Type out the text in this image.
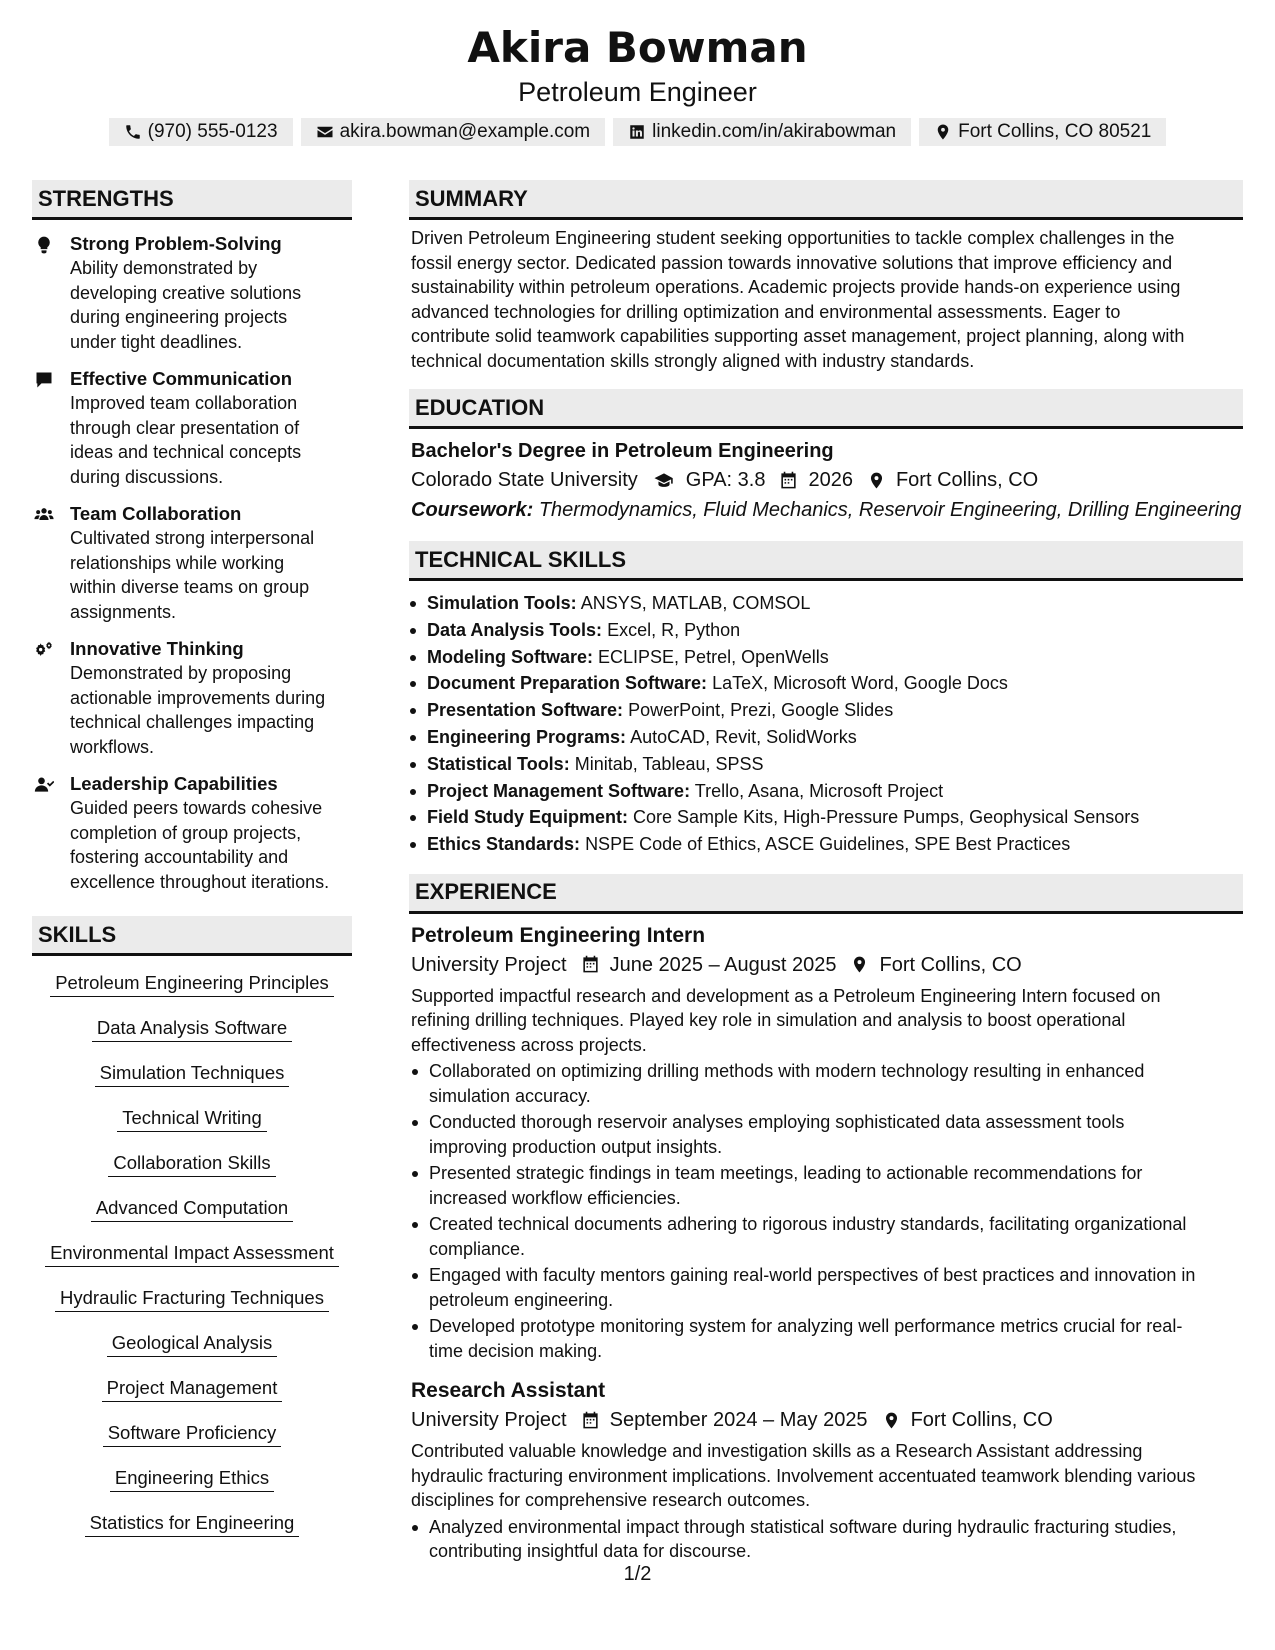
Akira Bowman
Petroleum Engineer
(970) 555-0123	akira.bowman@example.com	linkedin.com/in/akirabowman	Fort Collins, CO 80521
STRENGTHS
Strong Problem-Solving
Ability demonstrated by
developing creative solutions
during engineering projects
under tight deadlines.
Effective Communication
Improved team collaboration
through clear presentation of
ideas and technical concepts
during discussions.
Team Collaboration
Cultivated strong interpersonal
relationships while working
within diverse teams on group
assignments.
Innovative Thinking
Demonstrated by proposing
actionable improvements during
technical challenges impacting
workflows.
Leadership Capabilities
Guided peers towards cohesive
completion of group projects,
fostering accountability and
excellence throughout iterations.
SKILLS
Petroleum Engineering Principles
Data Analysis Software
Simulation Techniques
Technical Writing
Collaboration Skills
Advanced Computation
Environmental Impact Assessment
Hydraulic Fracturing Techniques
Geological Analysis
Project Management
Software Proficiency
Engineering Ethics
Statistics for Engineering
SUMMARY
Driven Petroleum Engineering student seeking opportunities to tackle complex challenges in the
fossil energy sector. Dedicated passion towards innovative solutions that improve efficiency and
sustainability within petroleum operations. Academic projects provide hands-on experience using
advanced technologies for drilling optimization and environmental assessments. Eager to
contribute solid teamwork capabilities supporting asset management, project planning, along with
technical documentation skills strongly aligned with industry standards.
EDUCATION
Bachelor's Degree in Petroleum Engineering
Colorado State University GPA: 3.8 2026 Fort Collins, CO
Coursework: Thermodynamics, Fluid Mechanics, Reservoir Engineering, Drilling Engineering
TECHNICAL SKILLS
Simulation Tools: ANSYS, MATLAB, COMSOL
Data Analysis Tools: Excel, R, Python
Modeling Software: ECLIPSE, Petrel, OpenWells
Document Preparation Software: LaTeX, Microsoft Word, Google Docs
Presentation Software: PowerPoint, Prezi, Google Slides
Engineering Programs: AutoCAD, Revit, SolidWorks
Statistical Tools: Minitab, Tableau, SPSS
Project Management Software: Trello, Asana, Microsoft Project
Field Study Equipment: Core Sample Kits, High-Pressure Pumps, Geophysical Sensors
Ethics Standards: NSPE Code of Ethics, ASCE Guidelines, SPE Best Practices
EXPERIENCE
Petroleum Engineering Intern
University Project June 2025 – August 2025 Fort Collins, CO
Supported impactful research and development as a Petroleum Engineering Intern focused on
refining drilling techniques. Played key role in simulation and analysis to boost operational
effectiveness across projects.
Collaborated on optimizing drilling methods with modern technology resulting in enhanced
simulation accuracy.
Conducted thorough reservoir analyses employing sophisticated data assessment tools
improving production output insights.
Presented strategic findings in team meetings, leading to actionable recommendations for
increased workflow efficiencies.
Created technical documents adhering to rigorous industry standards, facilitating organizational
compliance.
Engaged with faculty mentors gaining real-world perspectives of best practices and innovation in
petroleum engineering.
Developed prototype monitoring system for analyzing well performance metrics crucial for real-
time decision making.
Research Assistant
University Project September 2024 – May 2025 Fort Collins, CO
Contributed valuable knowledge and investigation skills as a Research Assistant addressing
hydraulic fracturing environment implications. Involvement accentuated teamwork blending various
disciplines for comprehensive research outcomes.
Analyzed environmental impact through statistical software during hydraulic fracturing studies,
contributing insightful data for discourse.
1/2
